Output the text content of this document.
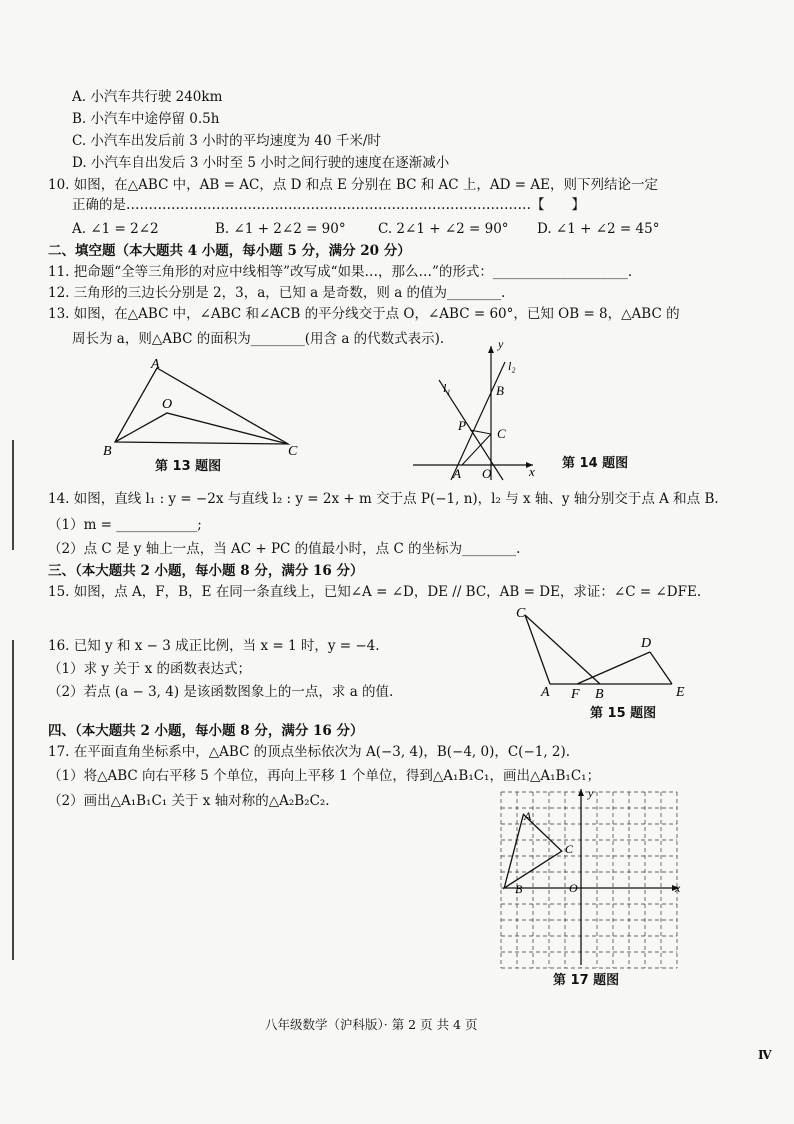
A. 小汽车共行驶 240km
B. 小汽车中途停留 0.5h
C. 小汽车出发后前 3 小时的平均速度为 40 千米/时
D. 小汽车自出发后 3 小时至 5 小时之间行驶的速度在逐渐减小
10. 如图，在△ABC 中，AB = AC，点 D 和点 E 分别在 BC 和 AC 上，AD = AE，则下列结论一定
正确的是………………………………………………………………………………【　　】
A. ∠1 = 2∠2	B. ∠1 + 2∠2 = 90° C. 2∠1 + ∠2 = 90° D. ∠1 + ∠2 = 45°
二、填空题（本大题共 4 小题，每小题 5 分，满分 20 分）
11. 把命题“全等三角形的对应中线相等”改写成“如果…，那么…”的形式：____________________.
12. 三角形的三边长分别是 2，3，a，已知 a 是奇数，则 a 的值为________.
13. 如图，在△ABC 中，∠ABC 和∠ACB 的平分线交于点 O，∠ABC = 60°，已知 OB = 8，△ABC 的
周长为 a，则△ABC 的面积为________(用含 a 的代数式表示).
A
O
B	C
第 13 题图
y
l₂
l₁	B
P
C
A O	x
第 14 题图
14. 如图，直线 l₁ : y = −2x 与直线 l₂ : y = 2x + m 交于点 P(−1, n)，l₂ 与 x 轴、y 轴分别交于点 A 和点 B.
（1）m = ____________;
（2）点 C 是 y 轴上一点，当 AC + PC 的值最小时，点 C 的坐标为________.
三、（本大题共 2 小题，每小题 8 分，满分 16 分）
15. 如图，点 A，F，B，E 在同一条直线上，已知∠A = ∠D，DE // BC，AB = DE，求证：∠C = ∠DFE.
16. 已知 y 和 x − 3 成正比例，当 x = 1 时，y = −4.
（1）求 y 关于 x 的函数表达式；
（2）若点 (a − 3, 4) 是该函数图象上的一点，求 a 的值.
C
D
A F B	E
第 15 题图
四、（本大题共 2 小题，每小题 8 分，满分 16 分）
17. 在平面直角坐标系中，△ABC 的顶点坐标依次为 A(−3, 4)，B(−4, 0)，C(−1, 2).
（1）将△ABC 向右平移 5 个单位，再向上平移 1 个单位，得到△A₁B₁C₁，画出△A₁B₁C₁；
（2）画出△A₁B₁C₁ 关于 x 轴对称的△A₂B₂C₂.	y
A
C
B	O	x
第 17 题图
八年级数学（沪科版）· 第 2 页 共 4 页
Ⅳ
